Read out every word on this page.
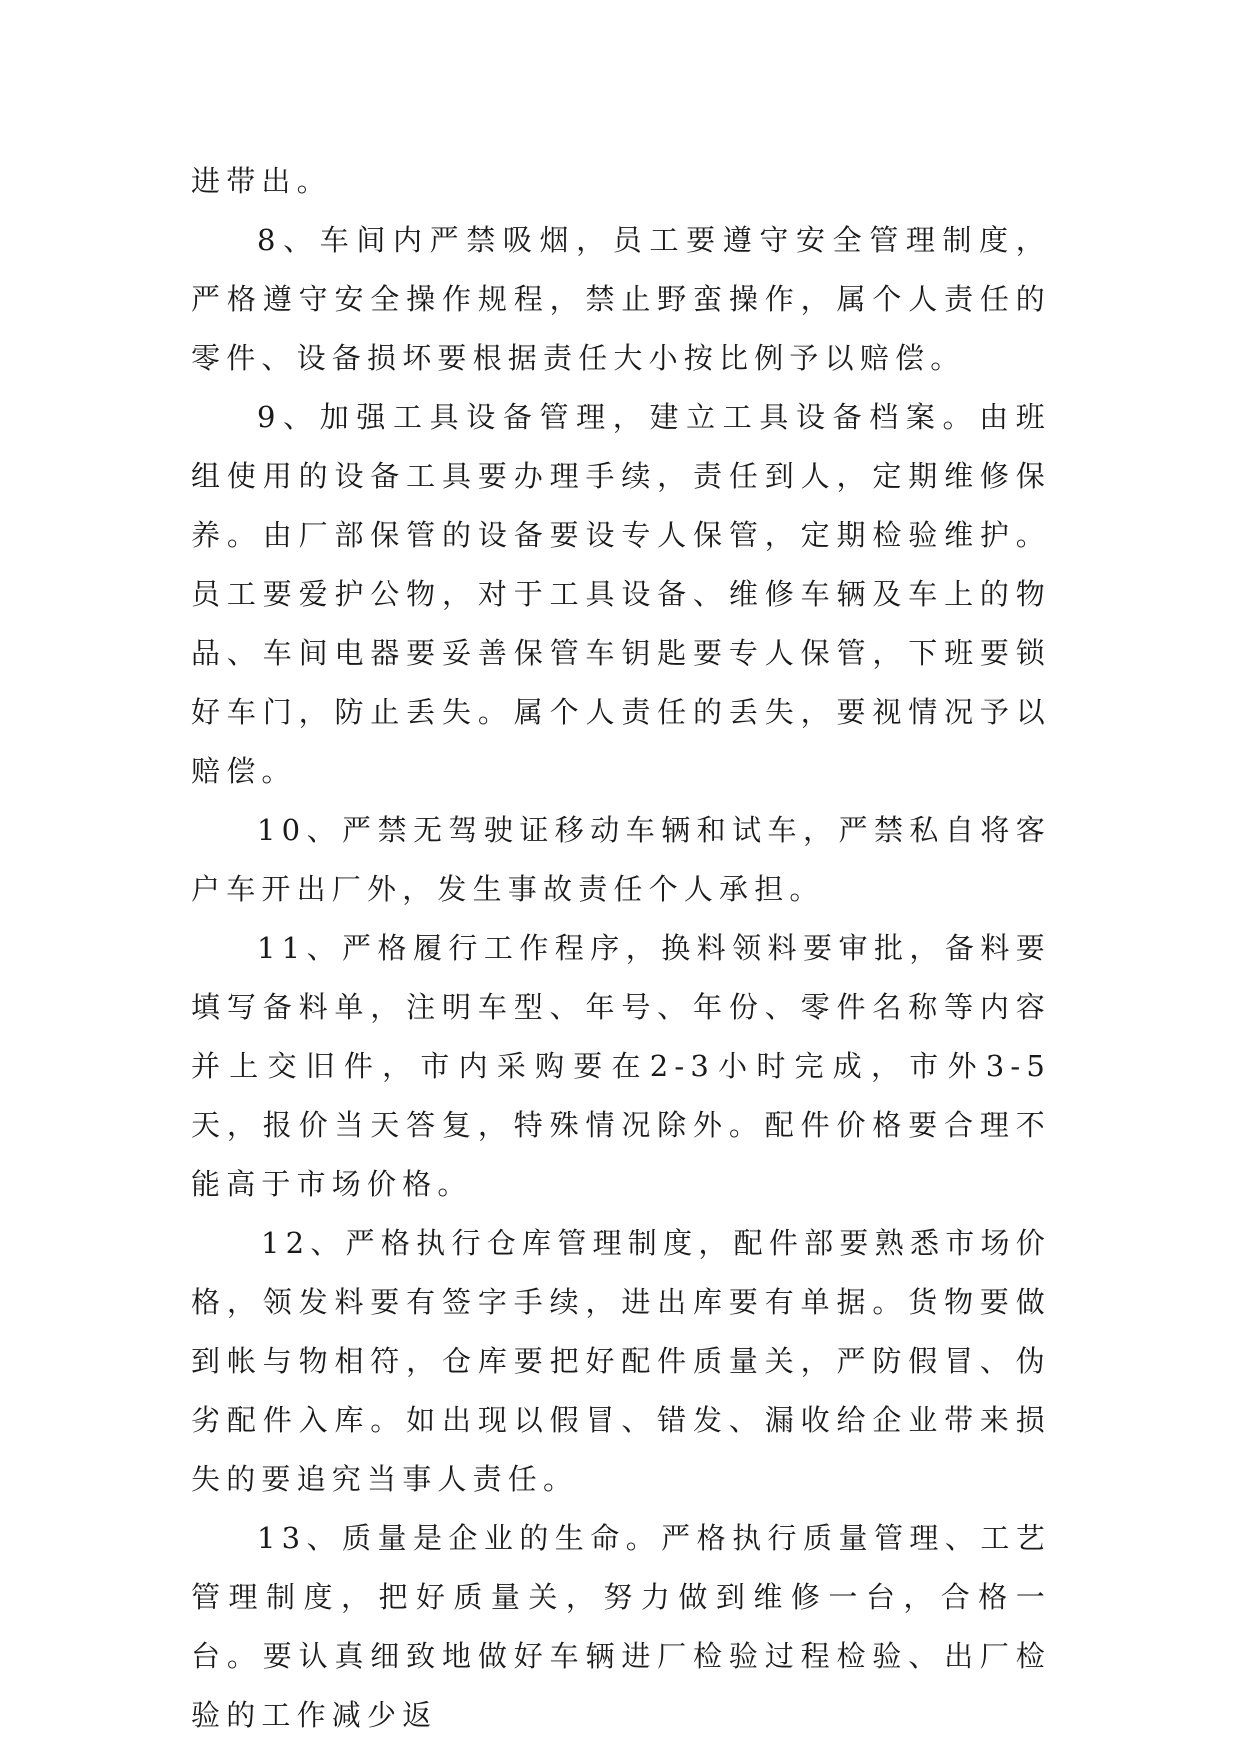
进带出。

8、车间内严禁吸烟，员工要遵守安全管理制度，严格遵守安全操作规程，禁止野蛮操作，属个人责任的零件、设备损坏要根据责任大小按比例予以赔偿。

9、加强工具设备管理，建立工具设备档案。由班组使用的设备工具要办理手续，责任到人，定期维修保养。由厂部保管的设备要设专人保管，定期检验维护。员工要爱护公物，对于工具设备、维修车辆及车上的物品、车间电器要妥善保管车钥匙要专人保管，下班要锁好车门，防止丢失。属个人责任的丢失，要视情况予以赔偿。

10、严禁无驾驶证移动车辆和试车，严禁私自将客户车开出厂外，发生事故责任个人承担。

11、严格履行工作程序，换料领料要审批，备料要填写备料单，注明车型、年号、年份、零件名称等内容并上交旧件，市内采购要在2-3小时完成，市外3-5天，报价当天答复，特殊情况除外。配件价格要合理不能高于市场价格。

12、严格执行仓库管理制度，配件部要熟悉市场价格，领发料要有签字手续，进出库要有单据。货物要做到帐与物相符，仓库要把好配件质量关，严防假冒、伪劣配件入库。如出现以假冒、错发、漏收给企业带来损失的要追究当事人责任。

13、质量是企业的生命。严格执行质量管理、工艺管理制度，把好质量关，努力做到维修一台，合格一台。要认真细致地做好车辆进厂检验过程检验、出厂检验的工作减少返
